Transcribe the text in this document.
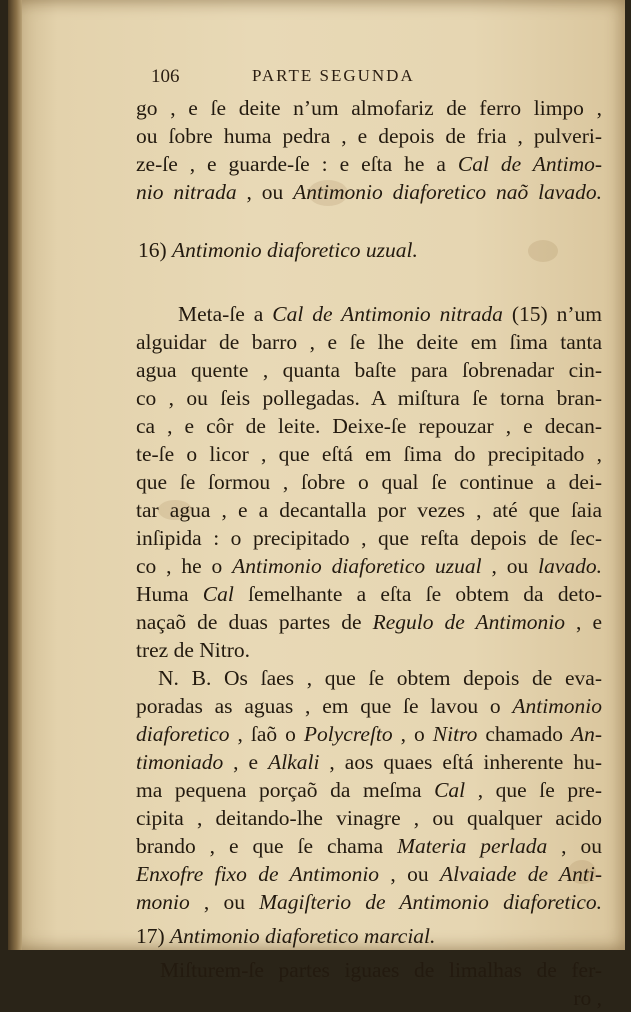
106	PARTE SEGUNDA
go , e ſe deite n’um almofariz de ferro limpo ,
ou ſobre huma pedra , e depois de fria , pulveri-
ze-ſe , e guarde-ſe : e eſta he a Cal de Antimo-
nio nitrada , ou Antimonio diaforetico naõ lavado.
16) Antimonio diaforetico uzual.
Meta-ſe a Cal de Antimonio nitrada (15) n’um
alguidar de barro , e ſe lhe deite em ſima tanta
agua quente , quanta baſte para ſobrenadar cin-
co , ou ſeis pollegadas. A miſtura ſe torna bran-
ca , e côr de leite. Deixe-ſe repouzar , e decan-
te-ſe o licor , que eſtá em ſima do precipitado ,
que ſe ſormou , ſobre o qual ſe continue a dei-
tar agua , e a decantalla por vezes , até que ſaia
inſipida : o precipitado , que reſta depois de ſec-
co , he o Antimonio diaforetico uzual , ou lavado.
Huma Cal ſemelhante a eſta ſe obtem da deto-
naçaõ de duas partes de Regulo de Antimonio , e
trez de Nitro.
N. B. Os ſaes , que ſe obtem depois de eva-
poradas as aguas , em que ſe lavou o Antimonio
diaforetico , ſaõ o Polycreſto , o Nitro chamado An-
timoniado , e Alkali , aos quaes eſtá inherente hu-
ma pequena porçaõ da meſma Cal , que ſe pre-
cipita , deitando-lhe vinagre , ou qualquer acido
brando , e que ſe chama Materia perlada , ou
Enxofre fixo de Antimonio , ou Alvaiade de Anti-
monio , ou Magiſterio de Antimonio diaforetico.
17) Antimonio diaforetico marcial.
Miſturem-ſe partes iguaes de limalhas de fer-
ro ,
